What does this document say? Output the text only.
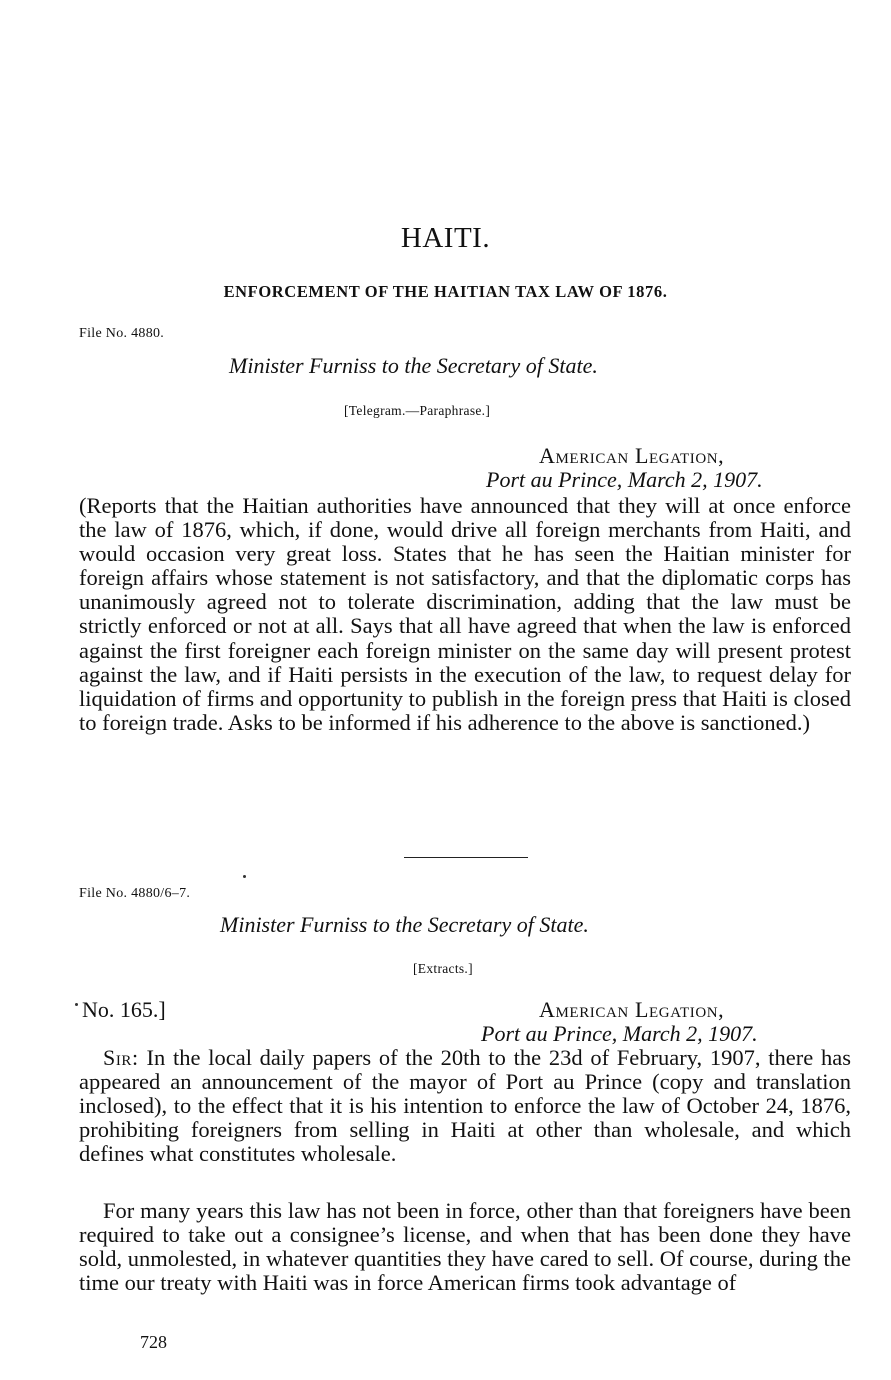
HAITI.
ENFORCEMENT OF THE HAITIAN TAX LAW OF 1876.
File No. 4880.
Minister Furniss to the Secretary of State.
[Telegram.—Paraphrase.]
American Legation,
Port au Prince, March 2, 1907.

(Reports that the Haitian authorities have announced that they will at once enforce the law of 1876, which, if done, would drive all foreign merchants from Haiti, and would occasion very great loss. States that he has seen the Haitian minister for foreign affairs whose statement is not satisfactory, and that the diplomatic corps has unanimously agreed not to tolerate discrimination, adding that the law must be strictly enforced or not at all. Says that all have agreed that when the law is enforced against the first foreigner each foreign minister on the same day will present protest against the law, and if Haiti persists in the execution of the law, to request delay for liquidation of firms and opportunity to publish in the foreign press that Haiti is closed to foreign trade. Asks to be informed if his adherence to the above is sanctioned.)

File No. 4880/6–7.
Minister Furniss to the Secretary of State.
[Extracts.]
No. 165.]	American Legation,
Port au Prince, March 2, 1907.

Sir: In the local daily papers of the 20th to the 23d of February, 1907, there has appeared an announcement of the mayor of Port au Prince (copy and translation inclosed), to the effect that it is his intention to enforce the law of October 24, 1876, prohibiting foreigners from selling in Haiti at other than wholesale, and which defines what constitutes wholesale.

For many years this law has not been in force, other than that foreigners have been required to take out a consignee’s license, and when that has been done they have sold, unmolested, in whatever quantities they have cared to sell. Of course, during the time our treaty with Haiti was in force American firms took advantage of

728
